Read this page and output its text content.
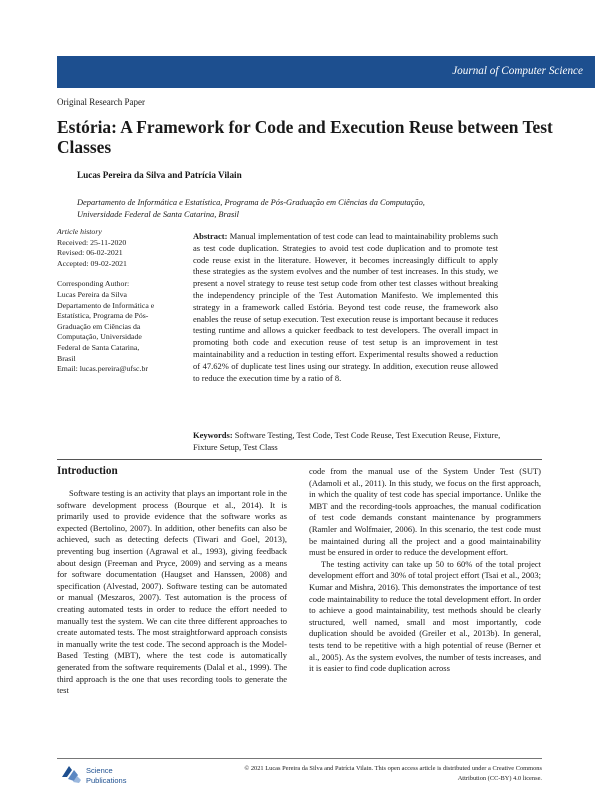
Journal of Computer Science
Original Research Paper
Estória: A Framework for Code and Execution Reuse between Test Classes
Lucas Pereira da Silva and Patrícia Vilain
Departamento de Informática e Estatística, Programa de Pós-Graduação em Ciências da Computação,
Universidade Federal de Santa Catarina, Brasil
Article history
Received: 25-11-2020
Revised: 06-02-2021
Accepted: 09-02-2021
Corresponding Author:
Lucas Pereira da Silva
Departamento de Informática e
Estatística, Programa de Pós-
Graduação em Ciências da
Computação, Universidade
Federal de Santa Catarina,
Brasil
Email: lucas.pereira@ufsc.br

Abstract: Manual implementation of test code can lead to maintainability problems such as test code duplication. Strategies to avoid test code duplication and to promote test code reuse exist in the literature. However, it becomes increasingly difficult to apply these strategies as the system evolves and the number of test increases. In this study, we present a novel strategy to reuse test setup code from other test classes without breaking the independency principle of the Test Automation Manifesto. We implemented this strategy in a framework called Estória. Beyond test code reuse, the framework also enables the reuse of setup execution. Test execution reuse is important because it reduces testing runtime and allows a quicker feedback to test developers. The overall impact in promoting both code and execution reuse of test setup is an improvement in test maintainability and a reduction in testing effort. Experimental results showed a reduction of 47.62% of duplicate test lines using our strategy. In addition, execution reuse allowed to reduce the execution time by a ratio of 8.

Keywords: Software Testing, Test Code, Test Code Reuse, Test Execution Reuse, Fixture, Fixture Setup, Test Class

Introduction

Software testing is an activity that plays an important role in the software development process (Bourque et al., 2014). It is primarily used to provide evidence that the software works as expected (Bertolino, 2007). In addition, other benefits can also be achieved, such as detecting defects (Tiwari and Goel, 2013), preventing bug insertion (Agrawal et al., 1993), giving feedback about design (Freeman and Pryce, 2009) and serving as a means for software documentation (Haugset and Hanssen, 2008) and specification (Alvestad, 2007). Software testing can be automated or manual (Meszaros, 2007). Test automation is the process of creating automated tests in order to reduce the effort needed to manually test the system. We can cite three different approaches to create automated tests. The most straightforward approach consists in manually write the test code. The second approach is the Model-Based Testing (MBT), where the test code is automatically generated from the software requirements (Dalal et al., 1999). The third approach is the one that uses recording tools to generate the test

code from the manual use of the System Under Test (SUT) (Adamoli et al., 2011). In this study, we focus on the first approach, in which the quality of test code has special importance. Unlike the MBT and the recording-tools approaches, the manual codification of test code demands constant maintenance by programmers (Ramler and Wolfmaier, 2006). In this scenario, the test code must be maintained during all the project and a good maintainability must be ensured in order to reduce the development effort.

The testing activity can take up 50 to 60% of the total project development effort and 30% of total project effort (Tsai et al., 2003; Kumar and Mishra, 2016). This demonstrates the importance of test code maintainability to reduce the total development effort. In order to achieve a good maintainability, test methods should be clearly structured, well named, small and most importantly, code duplication should be avoided (Greiler et al., 2013b). In general, tests tend to be repetitive with a high potential of reuse (Berner et al., 2005). As the system evolves, the number of tests increases, and it is easier to find code duplication across

Science
Publications
© 2021 Lucas Pereira da Silva and Patrícia Vilain. This open access article is distributed under a Creative Commons
Attribution (CC-BY) 4.0 license.
